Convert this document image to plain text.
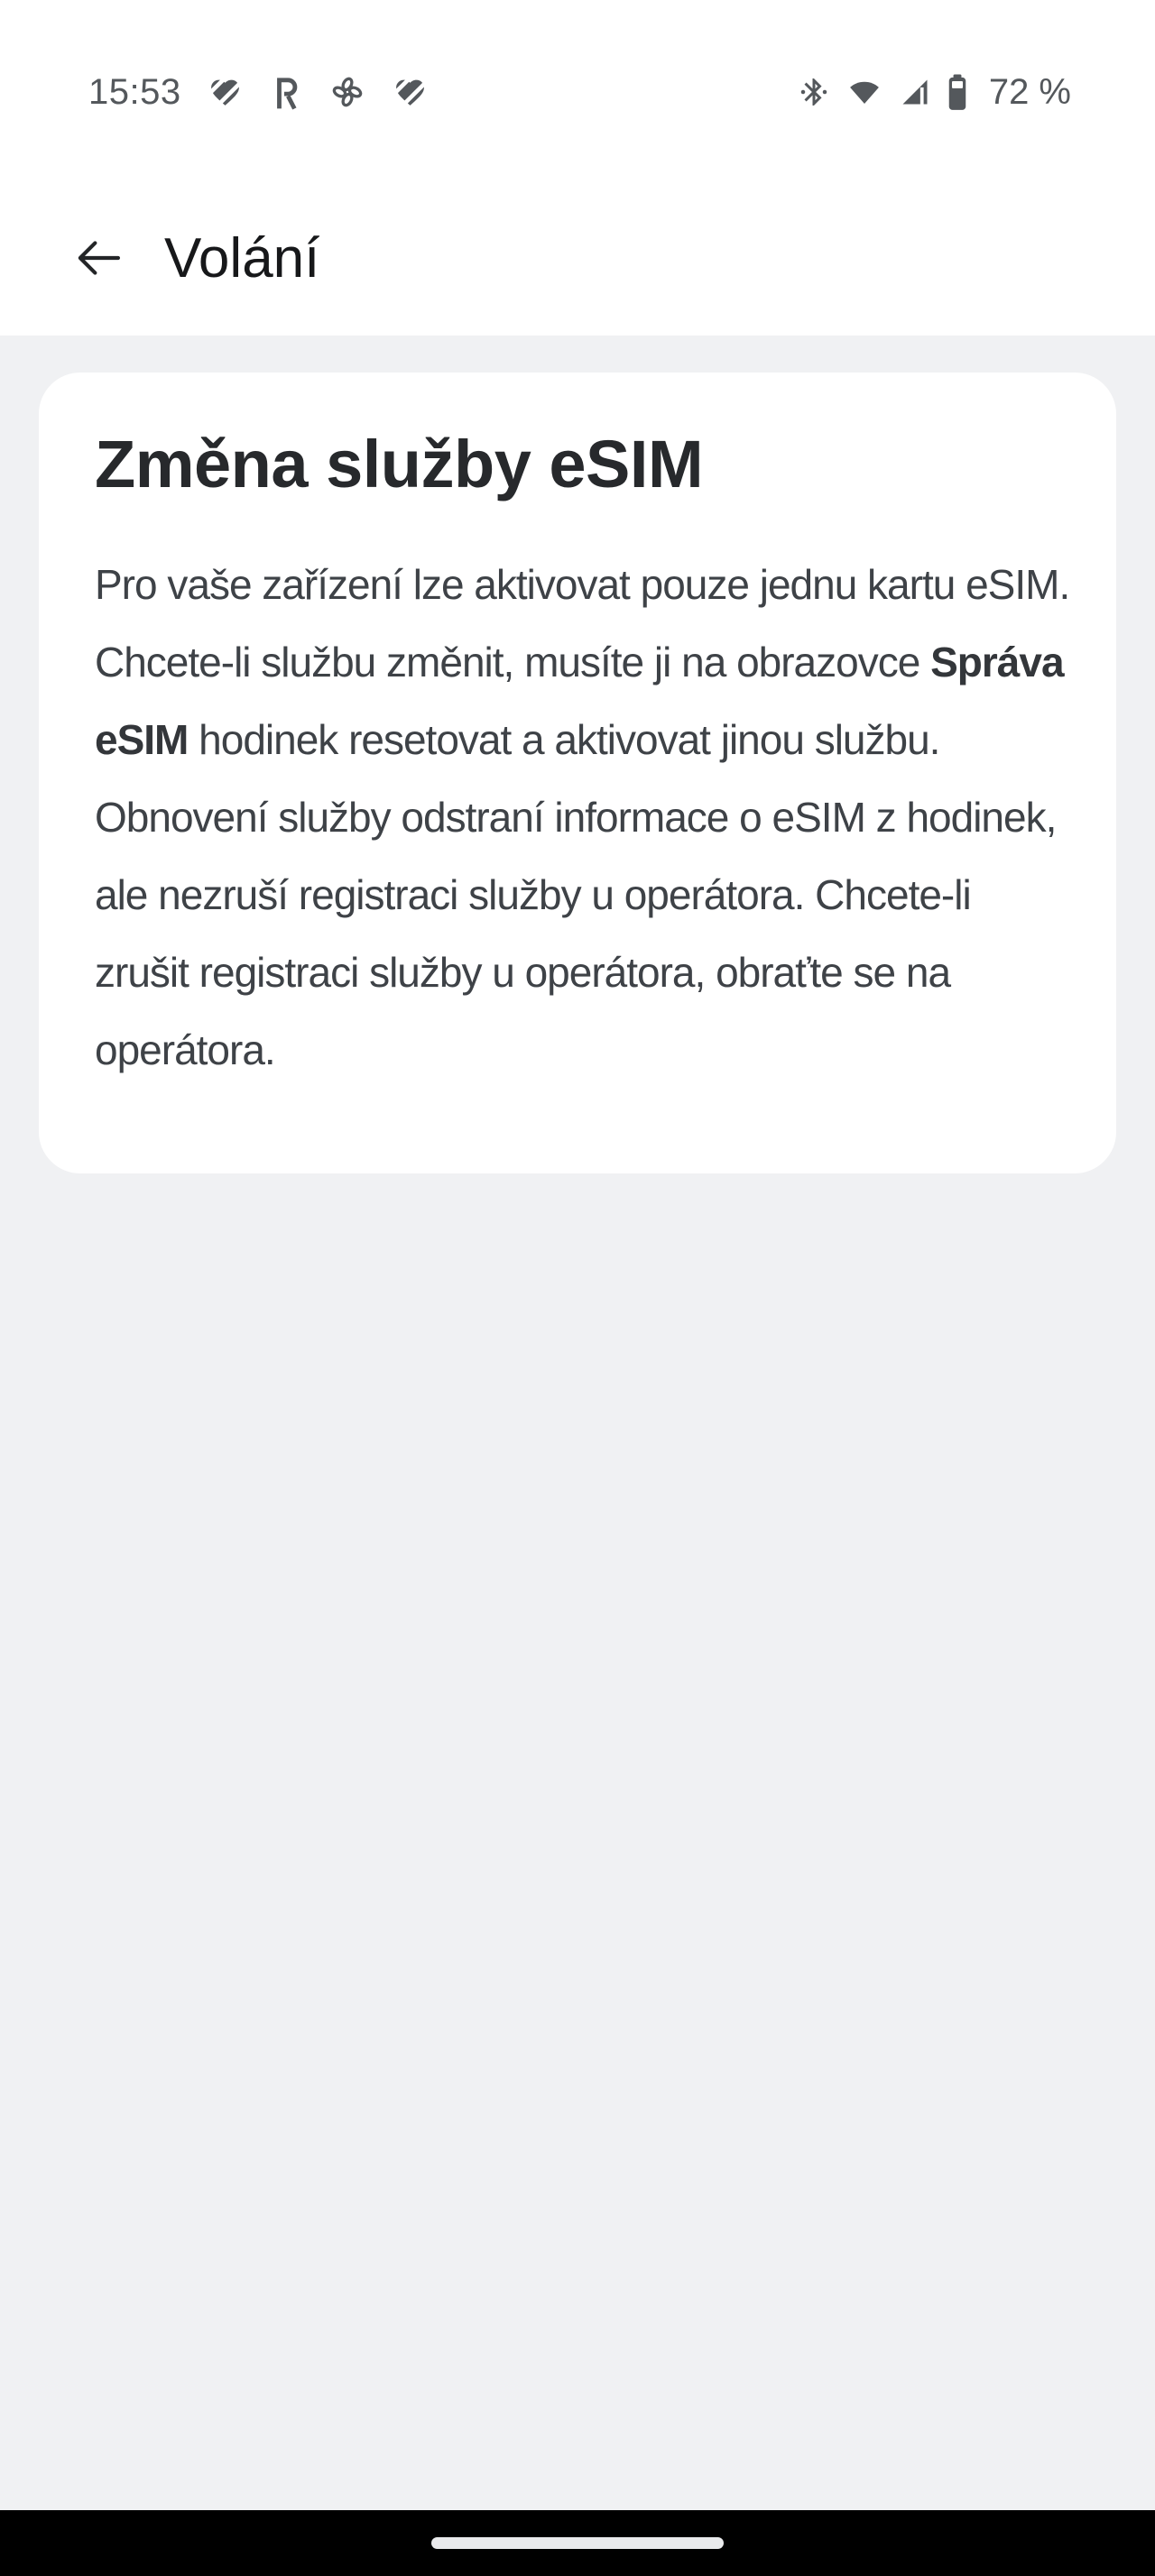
15:53	72 %
Volání
Změna služby eSIM

Pro vaše zařízení lze aktivovat pouze jednu kartu eSIM. Chcete-li službu změnit, musíte ji na obrazovce Správa eSIM hodinek resetovat a aktivovat jinou službu. Obnovení služby odstraní informace o eSIM z hodinek, ale nezruší registraci služby u operátora. Chcete-li zrušit registraci služby u operátora, obraťte se na operátora.
